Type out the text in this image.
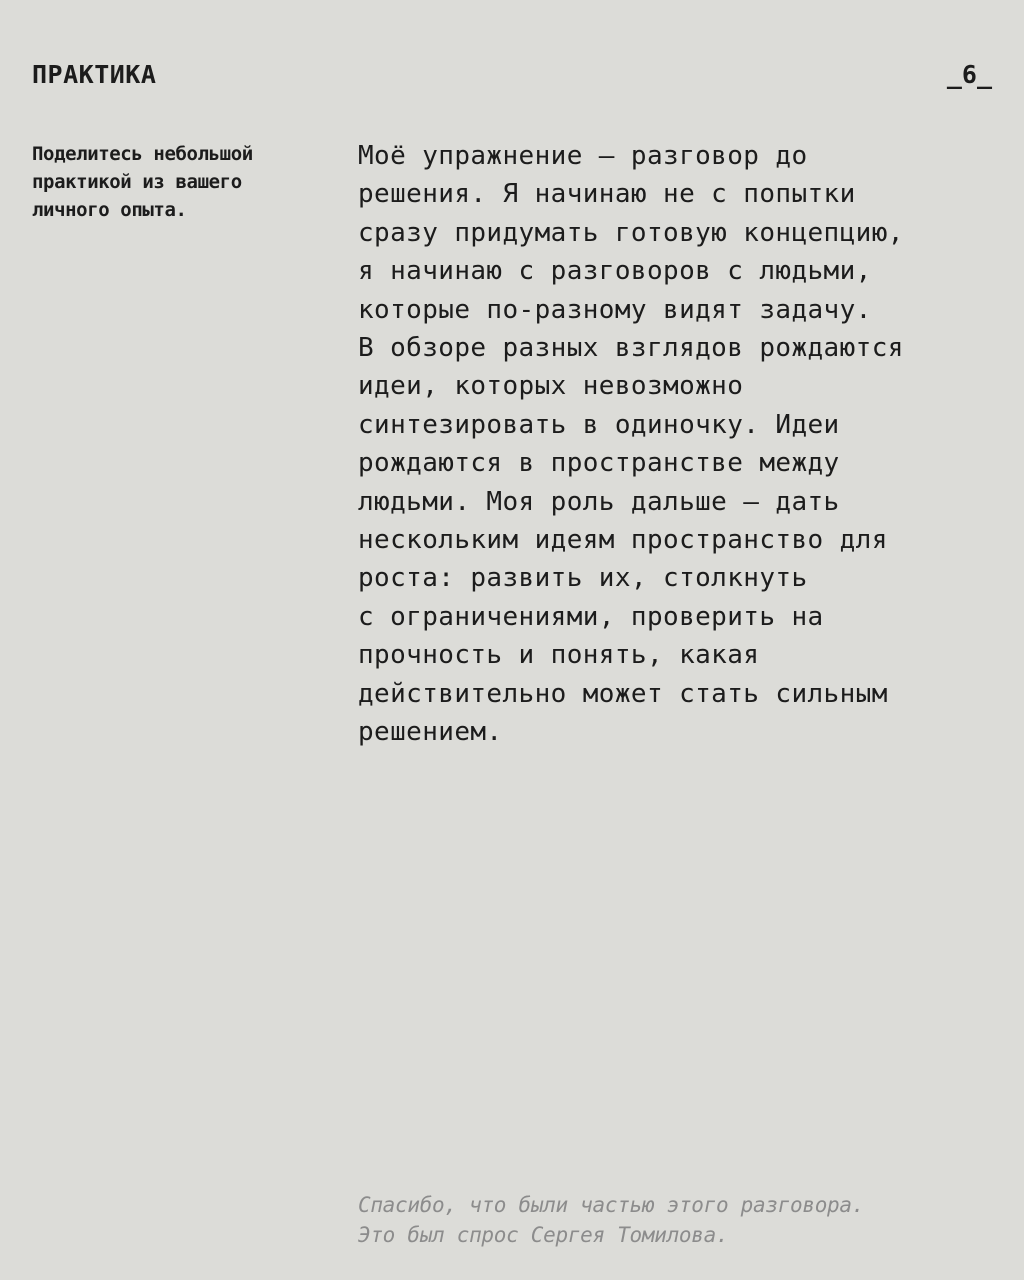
ПРАКТИКА	_6_
Поделитесь небольшой
практикой из вашего
личного опыта.
Моё упражнение — разговор до
решения. Я начинаю не с попытки
сразу придумать готовую концепцию,
я начинаю с разговоров с людьми,
которые по-разному видят задачу.
В обзоре разных взглядов рождаются
идеи, которых невозможно
синтезировать в одиночку. Идеи
рождаются в пространстве между
людьми. Моя роль дальше — дать
нескольким идеям пространство для
роста: развить их, столкнуть
с ограничениями, проверить на
прочность и понять, какая
действительно может стать сильным
решением.
Спасибо, что были частью этого разговора.
Это был спрос Сергея Томилова.
